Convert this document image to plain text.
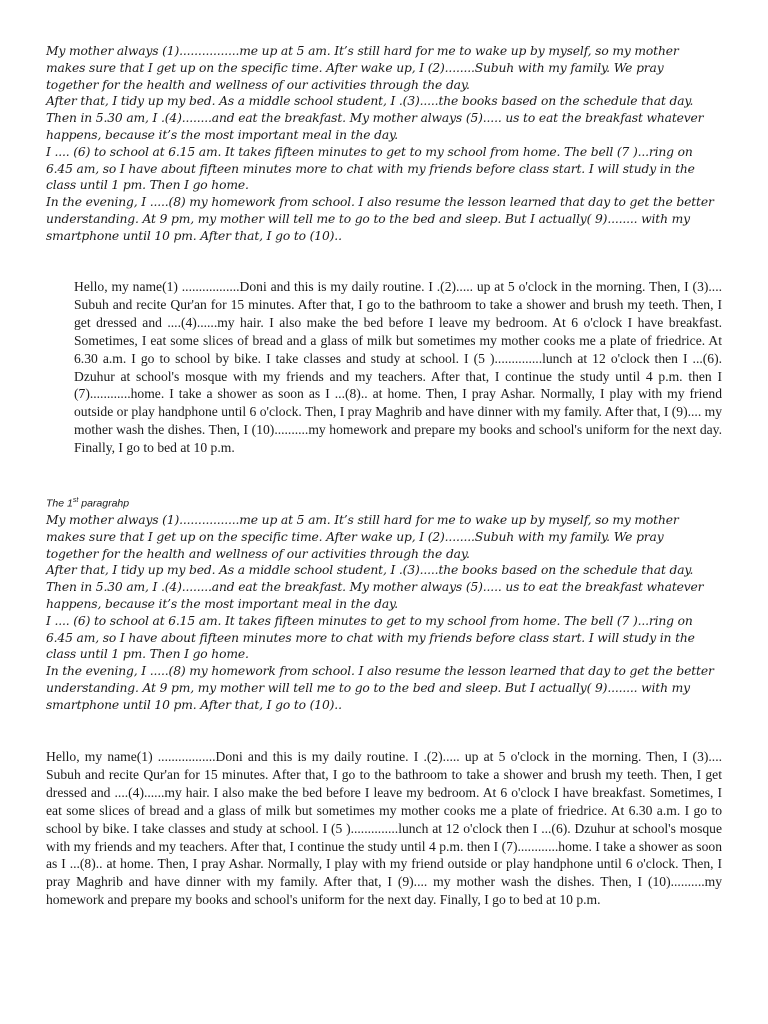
My mother always (1)................me up at 5 am. It’s still hard for me to wake up by myself, so my mother makes sure that I get up on the specific time. After wake up, I (2)........Subuh with my family. We pray together for the health and wellness of our activities through the day.

After that, I tidy up my bed. As a middle school student, I .(3).....the books based on the schedule that day. Then in 5.30 am, I .(4)........and eat the breakfast. My mother always (5)..... us to eat the breakfast whatever happens, because it’s the most important meal in the day.

I .... (6) to school at 6.15 am. It takes fifteen minutes to get to my school from home. The bell (7 )...ring on 6.45 am, so I have about fifteen minutes more to chat with my friends before class start. I will study in the class until 1 pm. Then I go home.

In the evening, I .....(8) my homework from school. I also resume the lesson learned that day to get the better understanding. At 9 pm, my mother will tell me to go to the bed and sleep. But I actually( 9)........ with my smartphone until 10 pm. After that, I go to (10)..

Hello, my name(1) .................Doni and this is my daily routine. I .(2)..... up at 5 o'clock in the morning. Then, I (3).... Subuh and recite Qur'an for 15 minutes. After that, I go to the bathroom to take a shower and brush my teeth. Then, I get dressed and ....(4)......my hair. I also make the bed before I leave my bedroom. At 6 o'clock I have breakfast. Sometimes, I eat some slices of bread and a glass of milk but sometimes my mother cooks me a plate of friedrice. At 6.30 a.m. I go to school by bike. I take classes and study at school. I (5 )..............lunch at 12 o'clock then I ...(6). Dzuhur at school's mosque with my friends and my teachers. After that, I continue the study until 4 p.m. then I (7)............home. I take a shower as soon as I ...(8).. at home. Then, I pray Ashar. Normally, I play with my friend outside or play handphone until 6 o'clock. Then, I pray Maghrib and have dinner with my family. After that, I (9).... my mother wash the dishes. Then, I (10)..........my homework and prepare my books and school's uniform for the next day. Finally, I go to bed at 10 p.m.

The 1st paragrahp

My mother always (1)................me up at 5 am. It’s still hard for me to wake up by myself, so my mother makes sure that I get up on the specific time. After wake up, I (2)........Subuh with my family. We pray together for the health and wellness of our activities through the day.

After that, I tidy up my bed. As a middle school student, I .(3).....the books based on the schedule that day. Then in 5.30 am, I .(4)........and eat the breakfast. My mother always (5)..... us to eat the breakfast whatever happens, because it’s the most important meal in the day.

I .... (6) to school at 6.15 am. It takes fifteen minutes to get to my school from home. The bell (7 )...ring on 6.45 am, so I have about fifteen minutes more to chat with my friends before class start. I will study in the class until 1 pm. Then I go home.

In the evening, I .....(8) my homework from school. I also resume the lesson learned that day to get the better understanding. At 9 pm, my mother will tell me to go to the bed and sleep. But I actually( 9)........ with my smartphone until 10 pm. After that, I go to (10)..

Hello, my name(1) .................Doni and this is my daily routine. I .(2)..... up at 5 o'clock in the morning. Then, I (3).... Subuh and recite Qur'an for 15 minutes. After that, I go to the bathroom to take a shower and brush my teeth. Then, I get dressed and ....(4)......my hair. I also make the bed before I leave my bedroom. At 6 o'clock I have breakfast. Sometimes, I eat some slices of bread and a glass of milk but sometimes my mother cooks me a plate of friedrice. At 6.30 a.m. I go to school by bike. I take classes and study at school. I (5 )..............lunch at 12 o'clock then I ...(6). Dzuhur at school's mosque with my friends and my teachers. After that, I continue the study until 4 p.m. then I (7)............home. I take a shower as soon as I ...(8).. at home. Then, I pray Ashar. Normally, I play with my friend outside or play handphone until 6 o'clock. Then, I pray Maghrib and have dinner with my family. After that, I (9).... my mother wash the dishes. Then, I (10)..........my homework and prepare my books and school's uniform for the next day. Finally, I go to bed at 10 p.m.
